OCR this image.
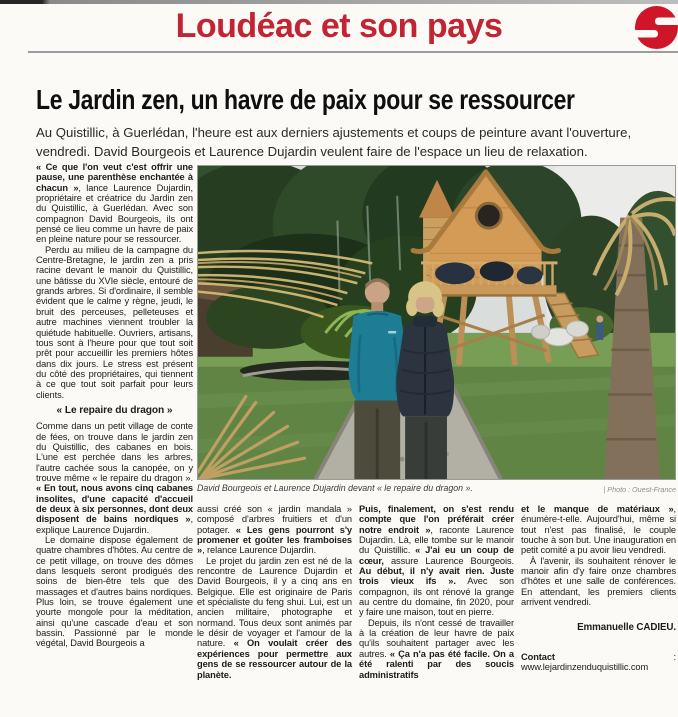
Loudéac et son pays
Le Jardin zen, un havre de paix pour se ressourcer

Au Quistillic, à Guerlédan, l'heure est aux derniers ajustements et coups de peinture avant l'ouverture, vendredi. David Bourgeois et Laurence Dujardin veulent faire de l'espace un lieu de relaxation.

David Bourgeois et Laurence Dujardin devant « le repaire du dragon ».	| Photo : Ouest-France
« Ce que l'on veut c'est offrir une pause, une parenthèse enchantée à chacun », lance Laurence Dujardin, propriétaire et créatrice du Jardin zen du Quistillic, à Guerlédan. Avec son compagnon David Bourgeois, ils ont pensé ce lieu comme un havre de paix en pleine nature pour se ressourcer.
Perdu au milieu de la campagne du Centre-Bretagne, le jardin zen a pris racine devant le manoir du Quistillic, une bâtisse du XVIe siècle, entouré de grands arbres. Si d'ordinaire, il semble évident que le calme y règne, jeudi, le bruit des perceuses, pelleteuses et autre machines viennent troubler la quiétude habituelle. Ouvriers, artisans, tous sont à l'heure pour que tout soit prêt pour accueillir les premiers hôtes dans dix jours. Le stress est présent du côté des propriétaires, qui tiennent à ce que tout soit parfait pour leurs clients.
« Le repaire du dragon »
Comme dans un petit village de conte de fées, on trouve dans le jardin zen du Quistillic, des cabanes en bois. L'une est perchée dans les arbres, l'autre cachée sous la canopée, on y trouve même « le repaire du dragon ». « En tout, nous avons cinq cabanes insolites, d'une capacité d'accueil de deux à six personnes, dont deux disposent de bains nordiques », explique Laurence Dujardin.
Le domaine dispose également de quatre chambres d'hôtes. Au centre de ce petit village, on trouve des dômes dans lesquels seront prodigués des soins de bien-être tels que des massages et d'autres bains nordiques. Plus loin, se trouve également une yourte mongole pour la méditation, ainsi qu'une cascade d'eau et son bassin. Passionné par le monde végétal, David Bourgeois a
aussi créé son « jardin mandala » composé d'arbres fruitiers et d'un potager. « Les gens pourront s'y promener et goûter les framboises », relance Laurence Dujardin.
Le projet du jardin zen est né de la rencontre de Laurence Dujardin et David Bourgeois, il y a cinq ans en Belgique. Elle est originaire de Paris et spécialiste du feng shui. Lui, est un ancien militaire, photographe et normand. Tous deux sont animés par le désir de voyager et l'amour de la nature. « On voulait créer des expériences pour permettre aux gens de se ressourcer autour de la planète.
Puis, finalement, on s'est rendu compte que l'on préférait créer notre endroit », raconte Laurence Dujardin. Là, elle tombe sur le manoir du Quistillic. « J'ai eu un coup de cœur, assure Laurence Bourgeois. Au début, il n'y avait rien. Juste trois vieux ifs ». Avec son compagnon, ils ont rénové la grange au centre du domaine, fin 2020, pour y faire une maison, tout en pierre.
Depuis, ils n'ont cessé de travailler à la création de leur havre de paix qu'ils souhaitent partager avec les autres. « Ça n'a pas été facile. On a été ralenti par des soucis administratifs
et le manque de matériaux », énumère-t-elle. Aujourd'hui, même si tout n'est pas finalisé, le couple touche à son but. Une inauguration en petit comité a pu avoir lieu vendredi.
À l'avenir, ils souhaitent rénover le manoir afin d'y faire onze chambres d'hôtes et une salle de conférences. En attendant, les premiers clients arrivent vendredi.
Emmanuelle CADIEU.
Contact : www.lejardinzenduquistillic.com
